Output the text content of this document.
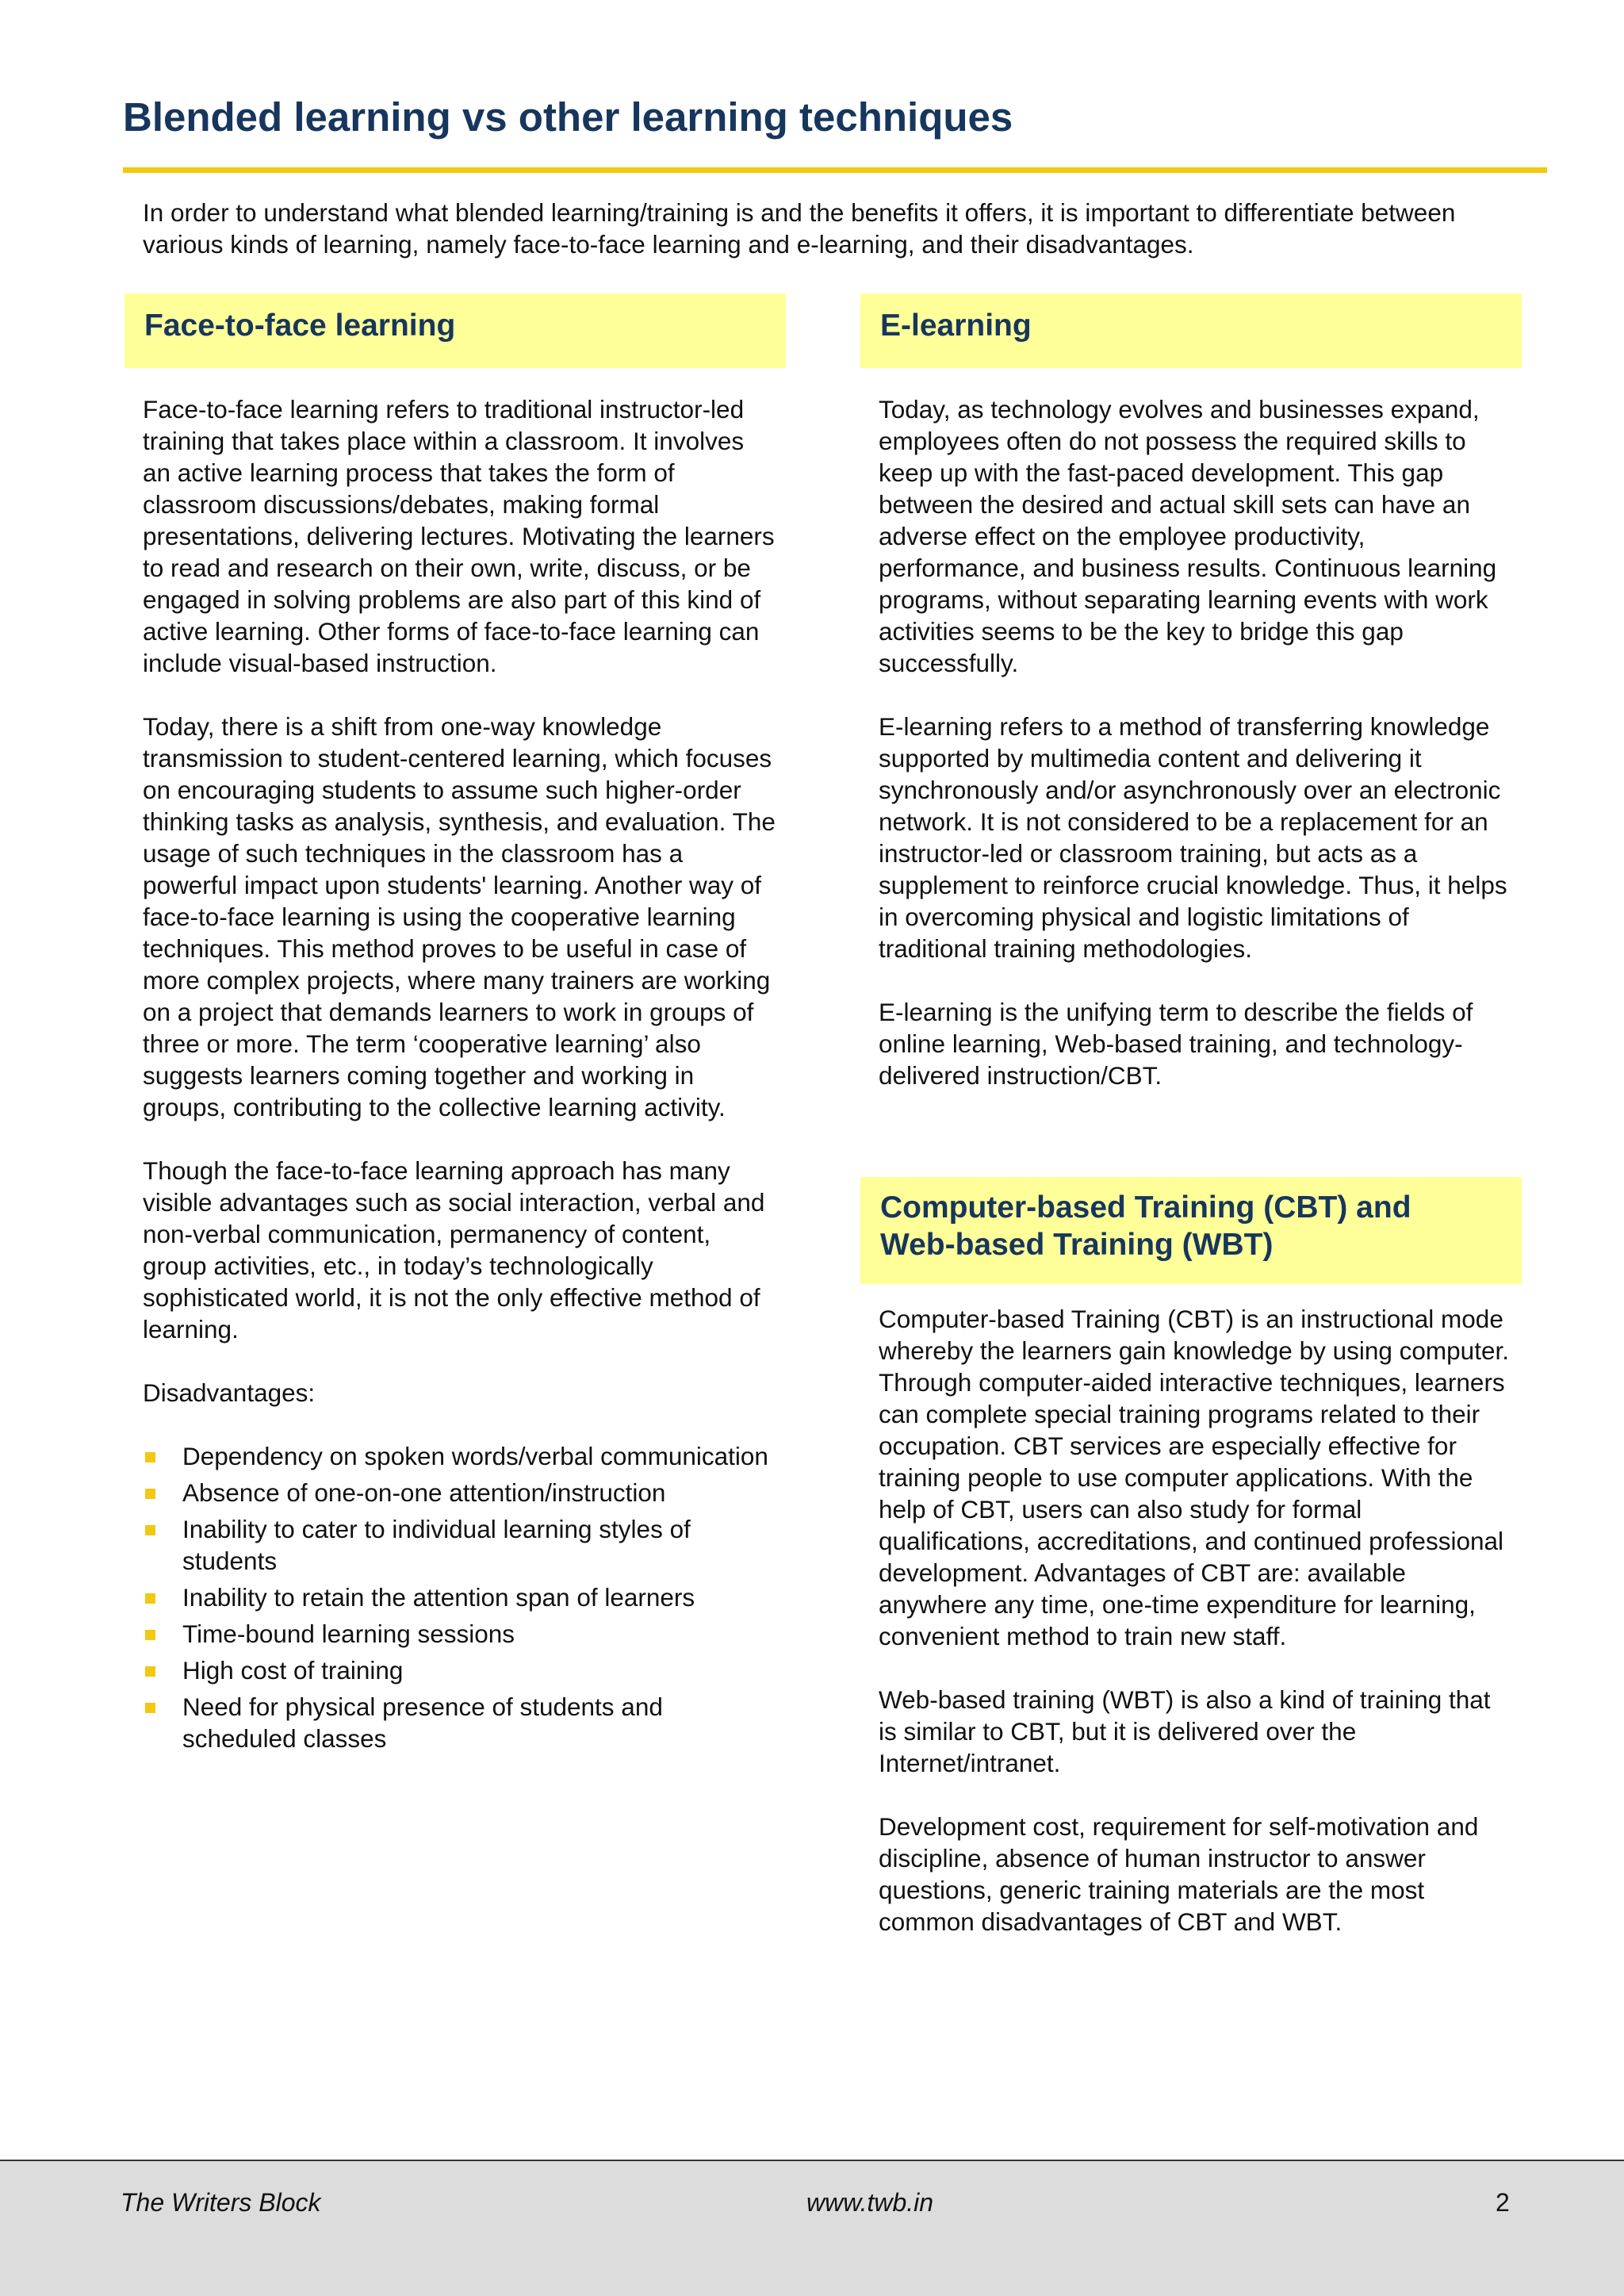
Blended learning vs other learning techniques

In order to understand what blended learning/training is and the benefits it offers, it is important to differentiate between various kinds of learning, namely face-to-face learning and e-learning, and their disadvantages.

Face-to-face learning

Face-to-face learning refers to traditional instructor-led training that takes place within a classroom. It involves an active learning process that takes the form of classroom discussions/debates, making formal presentations, delivering lectures. Motivating the learners to read and research on their own, write, discuss, or be engaged in solving problems are also part of this kind of active learning. Other forms of face-to-face learning can include visual-based instruction.

Today, there is a shift from one-way knowledge transmission to student-centered learning, which focuses on encouraging students to assume such higher-order thinking tasks as analysis, synthesis, and evaluation. The usage of such techniques in the classroom has a powerful impact upon students' learning. Another way of face-to-face learning is using the cooperative learning techniques. This method proves to be useful in case of more complex projects, where many trainers are working on a project that demands learners to work in groups of three or more. The term ‘cooperative learning’ also suggests learners coming together and working in groups, contributing to the collective learning activity.

Though the face-to-face learning approach has many visible advantages such as social interaction, verbal and non-verbal communication, permanency of content, group activities, etc., in today’s technologically sophisticated world, it is not the only effective method of learning.

Disadvantages:

Dependency on spoken words/verbal communication
Absence of one-on-one attention/instruction
Inability to cater to individual learning styles of students
Inability to retain the attention span of learners
Time-bound learning sessions
High cost of training
Need for physical presence of students and scheduled classes
E-learning

Today, as technology evolves and businesses expand, employees often do not possess the required skills to keep up with the fast-paced development. This gap between the desired and actual skill sets can have an adverse effect on the employee productivity, performance, and business results. Continuous learning programs, without separating learning events with work activities seems to be the key to bridge this gap successfully.

E-learning refers to a method of transferring knowledge supported by multimedia content and delivering it synchronously and/or asynchronously over an electronic network. It is not considered to be a replacement for an instructor-led or classroom training, but acts as a supplement to reinforce crucial knowledge. Thus, it helps in overcoming physical and logistic limitations of traditional training methodologies.

E-learning is the unifying term to describe the fields of online learning, Web-based training, and technology-delivered instruction/CBT.

Computer-based Training (CBT) and Web-based Training (WBT)

Computer-based Training (CBT) is an instructional mode whereby the learners gain knowledge by using computer. Through computer-aided interactive techniques, learners can complete special training programs related to their occupation. CBT services are especially effective for training people to use computer applications. With the help of CBT, users can also study for formal qualifications, accreditations, and continued professional development. Advantages of CBT are: available anywhere any time, one-time expenditure for learning, convenient method to train new staff.

Web-based training (WBT) is also a kind of training that is similar to CBT, but it is delivered over the Internet/intranet.

Development cost, requirement for self-motivation and discipline, absence of human instructor to answer questions, generic training materials are the most common disadvantages of CBT and WBT.

The Writers Block	www.twb.in	2
